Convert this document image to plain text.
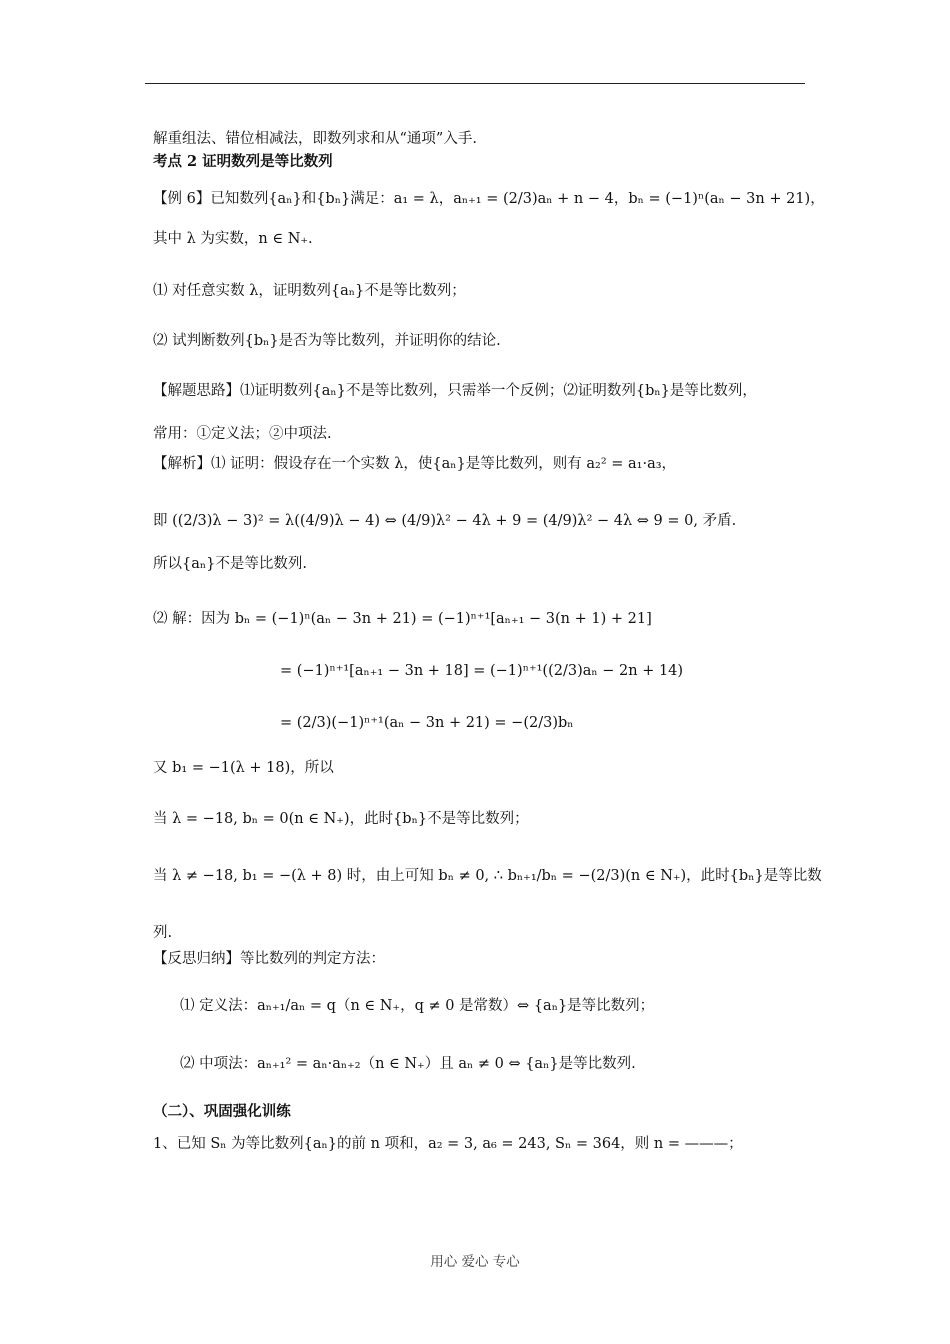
解重组法、错位相减法，即数列求和从“通项”入手.
考点 2 证明数列是等比数列
【例 6】已知数列{aₙ}和{bₙ}满足：a₁ = λ，aₙ₊₁ = (2/3)aₙ + n − 4，bₙ = (−1)ⁿ(aₙ − 3n + 21)，
其中 λ 为实数，n ∈ N₊.
⑴ 对任意实数 λ，证明数列{aₙ}不是等比数列；
⑵ 试判断数列{bₙ}是否为等比数列，并证明你的结论.
【解题思路】⑴证明数列{aₙ}不是等比数列，只需举一个反例；⑵证明数列{bₙ}是等比数列，
常用：①定义法；②中项法.
【解析】⑴ 证明：假设存在一个实数 λ，使{aₙ}是等比数列，则有 a₂² = a₁·a₃，
即 ((2/3)λ − 3)² = λ((4/9)λ − 4) ⇔ (4/9)λ² − 4λ + 9 = (4/9)λ² − 4λ ⇔ 9 = 0, 矛盾.
所以{aₙ}不是等比数列.
⑵ 解：因为 bₙ = (−1)ⁿ(aₙ − 3n + 21) = (−1)ⁿ⁺¹[aₙ₊₁ − 3(n + 1) + 21]
= (−1)ⁿ⁺¹[aₙ₊₁ − 3n + 18] = (−1)ⁿ⁺¹((2/3)aₙ − 2n + 14)
= (2/3)(−1)ⁿ⁺¹(aₙ − 3n + 21) = −(2/3)bₙ
又 b₁ = −1(λ + 18)，所以
当 λ = −18, bₙ = 0(n ∈ N₊)，此时{bₙ}不是等比数列；
当 λ ≠ −18, b₁ = −(λ + 8) 时，由上可知 bₙ ≠ 0, ∴ bₙ₊₁/bₙ = −(2/3)(n ∈ N₊)，此时{bₙ}是等比数
列.
【反思归纳】等比数列的判定方法：
⑴ 定义法：aₙ₊₁/aₙ = q（n ∈ N₊，q ≠ 0 是常数）⇔ {aₙ}是等比数列；
⑵ 中项法：aₙ₊₁² = aₙ·aₙ₊₂（n ∈ N₊）且 aₙ ≠ 0 ⇔ {aₙ}是等比数列.
（二）、巩固强化训练
1、已知 Sₙ 为等比数列{aₙ}的前 n 项和，a₂ = 3, a₆ = 243, Sₙ = 364，则 n = ———；
用心 爱心 专心
